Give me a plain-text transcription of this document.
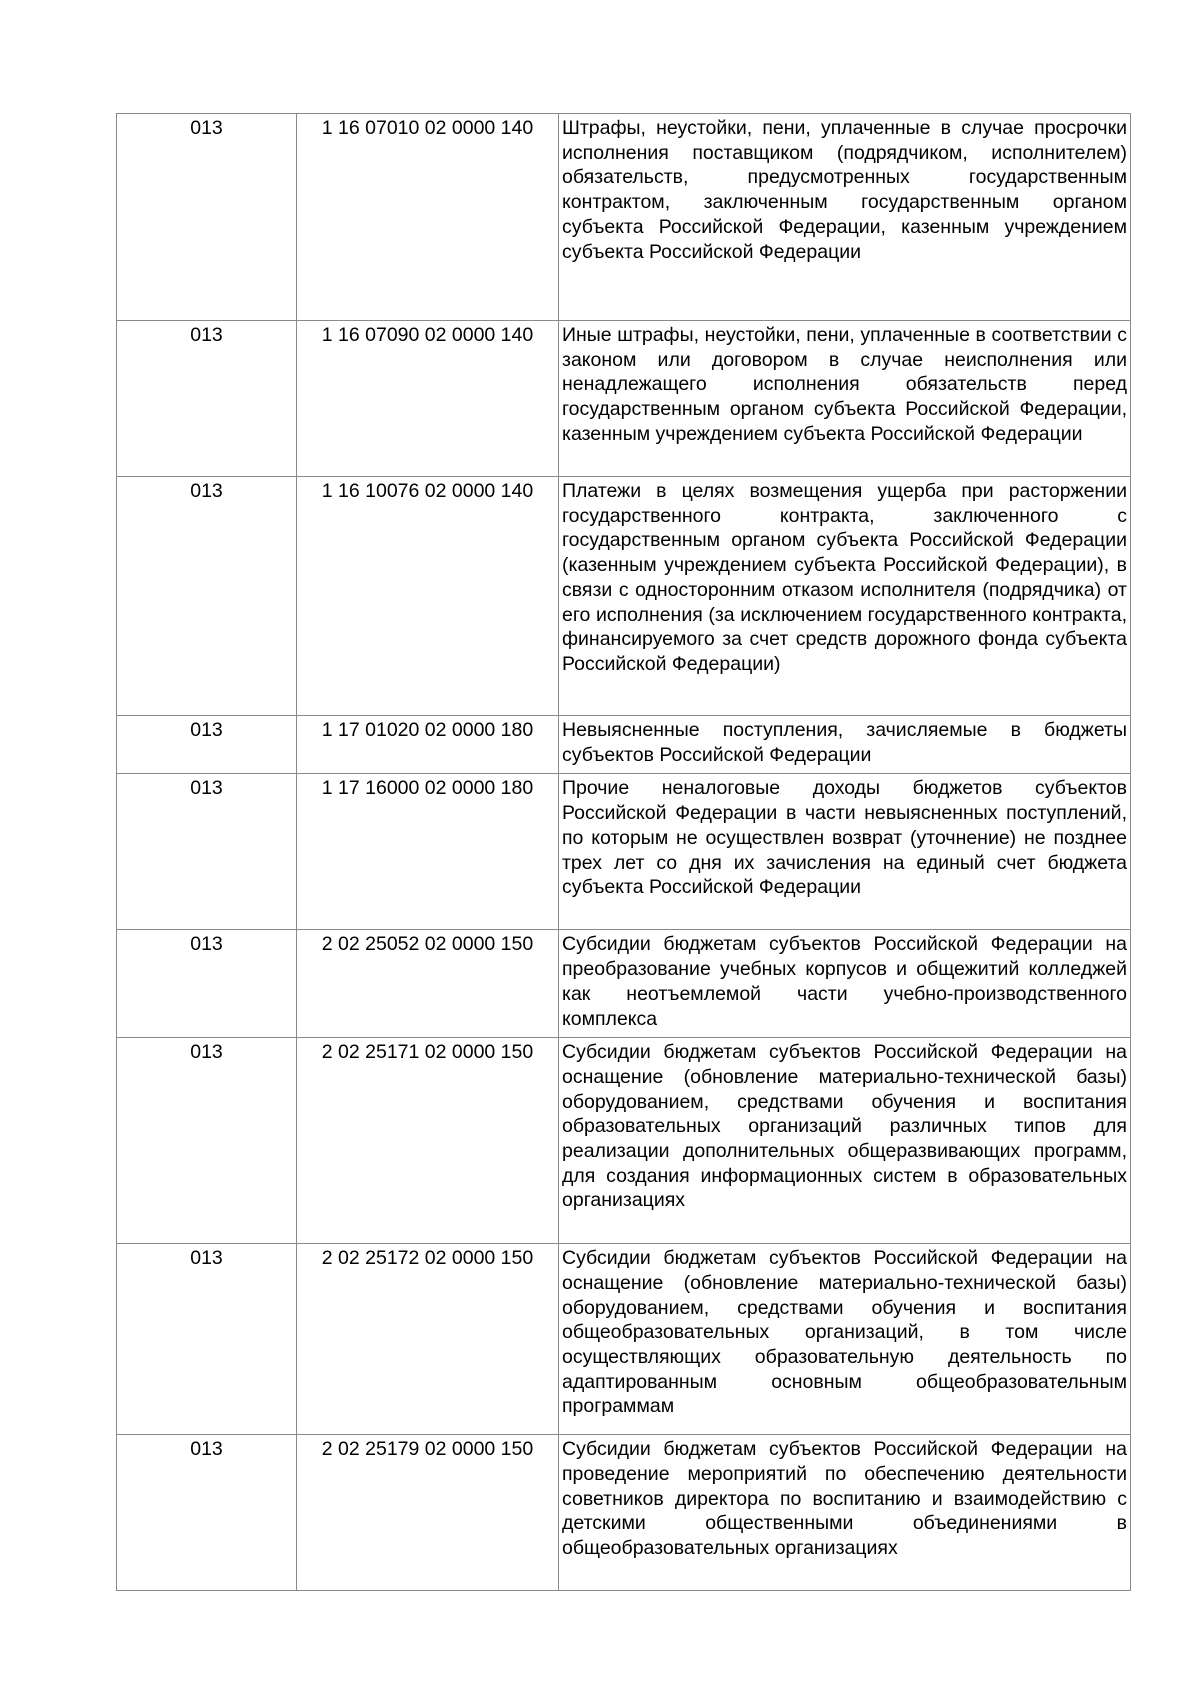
013	1 16 07010 02 0000 140	Штрафы, неустойки, пени, уплаченные в случае просрочки исполнения поставщиком (подрядчиком, исполнителем) обязательств, предусмотренных государственным контрактом, заключенным государственным органом субъекта Российской Федерации, казенным учреждением субъекта Российской Федерации
013	1 16 07090 02 0000 140	Иные штрафы, неустойки, пени, уплаченные в соответствии с законом или договором в случае неисполнения или ненадлежащего исполнения обязательств перед государственным органом субъекта Российской Федерации, казенным учреждением субъекта Российской Федерации
013	1 16 10076 02 0000 140	Платежи в целях возмещения ущерба при расторжении государственного контракта, заключенного с государственным органом субъекта Российской Федерации (казенным учреждением субъекта Российской Федерации), в связи с односторонним отказом исполнителя (подрядчика) от его исполнения (за исключением государственного контракта, финансируемого за счет средств дорожного фонда субъекта Российской Федерации)
013	1 17 01020 02 0000 180	Невыясненные поступления, зачисляемые в бюджеты субъектов Российской Федерации
013	1 17 16000 02 0000 180	Прочие неналоговые доходы бюджетов субъектов Российской Федерации в части невыясненных поступлений, по которым не осуществлен возврат (уточнение) не позднее трех лет со дня их зачисления на единый счет бюджета субъекта Российской Федерации
013	2 02 25052 02 0000 150	Субсидии бюджетам субъектов Российской Федерации на преобразование учебных корпусов и общежитий колледжей как неотъемлемой части учебно-производственного комплекса
013	2 02 25171 02 0000 150	Субсидии бюджетам субъектов Российской Федерации на оснащение (обновление материально-технической базы) оборудованием, средствами обучения и воспитания образовательных организаций различных типов для реализации дополнительных общеразвивающих программ, для создания информационных систем в образовательных организациях
013	2 02 25172 02 0000 150	Субсидии бюджетам субъектов Российской Федерации на оснащение (обновление материально-технической базы) оборудованием, средствами обучения и воспитания общеобразовательных организаций, в том числе осуществляющих образовательную деятельность по адаптированным основным общеобразовательным программам
013	2 02 25179 02 0000 150	Субсидии бюджетам субъектов Российской Федерации на проведение мероприятий по обеспечению деятельности советников директора по воспитанию и взаимодействию с детскими общественными объединениями в общеобразовательных организациях
